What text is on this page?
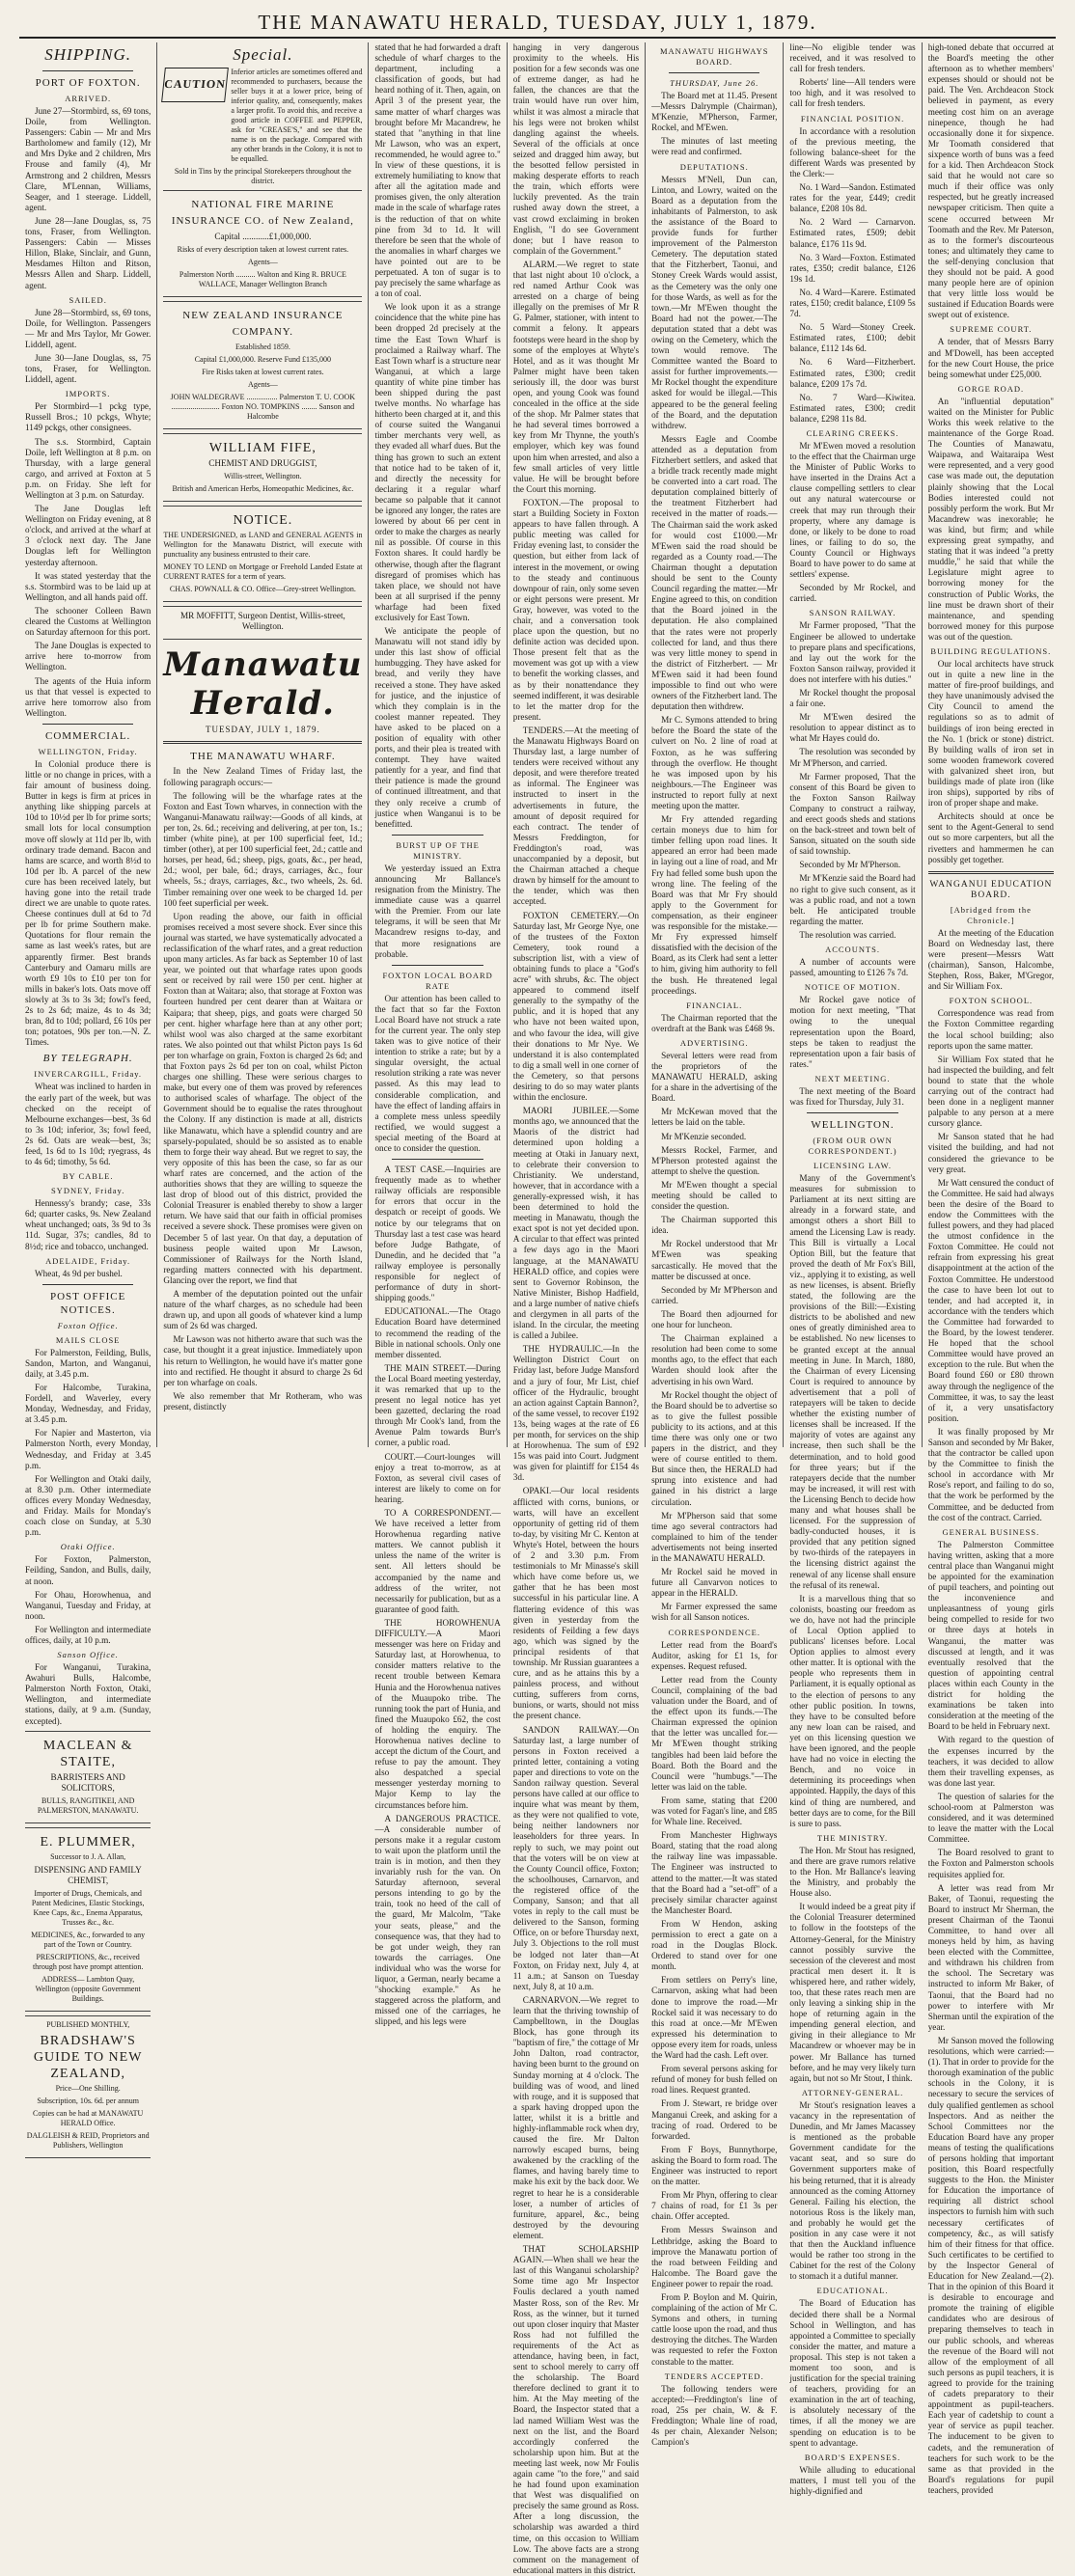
THE MANAWATU HERALD, TUESDAY, JULY 1, 1879.
SHIPPING.
PORT OF FOXTON.
ARRIVED.

June 27—Stormbird, ss, 69 tons, Doile, from Wellington. Passengers: Cabin — Mr and Mrs Bartholomew and family (12), Mr and Mrs Dyke and 2 children, Mrs Frouse and family (4), Mr Armstrong and 2 children, Messrs Clare, M'Lennan, Williams, Seager, and 1 steerage. Liddell, agent.

June 28—Jane Douglas, ss, 75 tons, Fraser, from Wellington. Passengers: Cabin — Misses Hillon, Blake, Sinclair, and Gunn, Mesdames Hilton and Ritson, Messrs Allen and Sharp. Liddell, agent.

SAILED.

June 28—Stormbird, ss, 69 tons, Doile, for Wellington. Passengers — Mr and Mrs Taylor, Mr Gower. Liddell, agent.

June 30—Jane Douglas, ss, 75 tons, Fraser, for Wellington. Liddell, agent.

IMPORTS.

Per Stormbird—1 pckg type, Russell Bros.; 10 pckgs, Whyte; 1149 pckgs, other consignees.

The s.s. Stormbird, Captain Doile, left Wellington at 8 p.m. on Thursday, with a large general cargo, and arrived at Foxton at 5 p.m. on Friday. She left for Wellington at 3 p.m. on Saturday.

The Jane Douglas left Wellington on Friday evening, at 8 o'clock, and arrived at the wharf at 3 o'clock next day. The Jane Douglas left for Wellington yesterday afternoon.

It was stated yesterday that the s.s. Stormbird was to be laid up at Wellington, and all hands paid off.

The schooner Colleen Bawn cleared the Customs at Wellington on Saturday afternoon for this port.

The Jane Douglas is expected to arrive here to-morrow from Wellington.

The agents of the Huia inform us that that vessel is expected to arrive here tomorrow also from Wellington.

COMMERCIAL.
WELLINGTON, Friday.

In Colonial produce there is little or no change in prices, with a fair amount of business doing. Butter in kegs is firm at prices in anything like shipping parcels at 10d to 10½d per lb for prime sorts; small lots for local consumption move off slowly at 11d per lb, with ordinary trade demand. Bacon and hams are scarce, and worth 8½d to 10d per lb. A parcel of the new cure has been received lately, but having gone into the retail trade direct we are unable to quote rates. Cheese continues dull at 6d to 7d per lb for prime Southern make. Quotations for flour remain the same as last week's rates, but are apparently firmer. Best brands Canterbury and Oamaru mills are worth £9 10s to £10 per ton for mills in baker's lots. Oats move off slowly at 3s to 3s 3d; fowl's feed, 2s to 2s 6d; maize, 4s to 4s 3d; bran, 8d to 10d; pollard, £6 10s per ton; potatoes, 90s per ton.—N. Z. Times.

BY TELEGRAPH.
INVERCARGILL, Friday.

Wheat was inclined to harden in the early part of the week, but was checked on the receipt of Melbourne exchanges—best, 3s 6d to 3s 10d; inferior, 3s; fowl feed, 2s 6d. Oats are weak—best, 3s; feed, 1s 6d to 1s 10d; ryegrass, 4s to 4s 6d; timothy, 5s 6d.

BY CABLE.
SYDNEY, Friday.

Hennessy's brandy; case, 33s 6d; quarter casks, 9s. New Zealand wheat unchanged; oats, 3s 9d to 3s 11d. Sugar, 37s; candles, 8d to 8½d; rice and tobacco, unchanged.

ADELAIDE, Friday.

Wheat, 4s 9d per bushel.

POST OFFICE NOTICES.
Foxton Office.
MAILS CLOSE

For Palmerston, Feilding, Bulls, Sandon, Marton, and Wanganui, daily, at 3.45 p.m.

For Halcombe, Turakina, Fordell, and Waverley, every Monday, Wednesday, and Friday, at 3.45 p.m.

For Napier and Masterton, via Palmerston North, every Monday, Wednesday, and Friday at 3.45 p.m.

For Wellington and Otaki daily, at 8.30 p.m. Other intermediate offices every Monday Wednesday, and Friday. Mails for Monday's coach close on Sunday, at 5.30 p.m.

Otaki Office.

For Foxton, Palmerston, Feilding, Sandon, and Bulls, daily, at noon.

For Ohau, Horowhenua, and Wanganui, Tuesday and Friday, at noon.

For Wellington and intermediate offices, daily, at 10 p.m.

Sanson Office.

For Wanganui, Turakina, Awahuri Bulls, Halcombe, Palmerston North Foxton, Otaki, Wellington, and intermediate stations, daily, at 9 a.m. (Sunday, excepted).

MACLEAN & STAITE,

BARRISTERS AND SOLICITORS,

BULLS, RANGITIKEI, AND PALMERSTON, MANAWATU.

E. PLUMMER,

Successor to J. A. Allan,

DISPENSING AND FAMILY CHEMIST,

Importer of Drugs, Chemicals, and Patent Medicines, Elastic Stockings, Knee Caps, &c., Enema Apparatus, Trusses &c., &c.

MEDICINES, &c., forwarded to any part of the Town or Country.

PRESCRIPTIONS, &c., received through post have prompt attention.

ADDRESS— Lambton Quay, Wellington (opposite Government Buildings.

PUBLISHED MONTHLY,

BRADSHAW'S GUIDE TO NEW ZEALAND,

Price—One Shilling.

Subscription, 10s. 6d. per annum

Copies can be had at MANAWATU HERALD Office.

DALGLEISH & REID, Proprietors and Publishers, Wellington

Special.
CAUTION

Inferior articles are sometimes offered and recommended to purchasers, because the seller buys it at a lower price, being of inferior quality, and, consequently, makes a larger profit. To avoid this, and receive a good article in COFFEE and PEPPER, ask for "CREASE'S," and see that the name is on the package. Compared with any other brands in the Colony, it is not to be equalled.

Sold in Tins by the principal Storekeepers throughout the district.

NATIONAL FIRE MARINE INSURANCE CO. of New Zealand,

Capital ............£1,000,000.

Risks of every description taken at lowest current rates.

Agents—

Palmerston North .......... Walton and King R. BRUCE WALLACE, Manager Wellington Branch

NEW ZEALAND INSURANCE COMPANY.

Established 1859.

Capital £1,000,000. Reserve Fund £135,000

Fire Risks taken at lowest current rates.

Agents—

JOHN WALDEGRAVE ................ Palmerston T. U. COOK ......................... Foxton NO. TOMPKINS ........ Sanson and Halcombe

WILLIAM FIFE,

CHEMIST AND DRUGGIST,

Willis-street, Wellington.

British and American Herbs, Homeopathic Medicines, &c.

NOTICE.

THE UNDERSIGNED, as LAND and GENERAL AGENTS in Wellington for the Manawatu District, will execute with punctuality any business entrusted to their care.

MONEY TO LEND on Mortgage or Freehold Landed Estate at CURRENT RATES for a term of years.

CHAS. POWNALL & CO. Office—Grey-street Wellington.

MR MOFFITT, Surgeon Dentist, Willis-street, Wellington.

Manawatu Herald.
TUESDAY, JULY 1, 1879.
THE MANAWATU WHARF.

In the New Zealand Times of Friday last, the following paragraph occurs:—

The following will be the wharfage rates at the Foxton and East Town wharves, in connection with the Wanganui-Manawatu railway:—Goods of all kinds, at per ton, 2s. 6d.; receiving and delivering, at per ton, 1s.; timber (white pine), at per 100 superficial feet, 1d.; timber (other), at per 100 superficial feet, 2d.; cattle and horses, per head, 6d.; sheep, pigs, goats, &c., per head, 2d.; wool, per bale, 6d.; drays, carriages, &c., four wheels, 5s.; drays, carriages, &c., two wheels, 2s. 6d. Timber remaining over one week to be charged 1d. per 100 feet superficial per week.

Upon reading the above, our faith in official promises received a most severe shock. Ever since this journal was started, we have systematically advocated a reclassification of the wharf rates, and a great reduction upon many articles. As far back as September 10 of last year, we pointed out that wharfage rates upon goods sent or received by rail were 150 per cent. higher at Foxton than at Waitara; also, that storage at Foxton was fourteen hundred per cent dearer than at Waitara or Kaipara; that sheep, pigs, and goats were charged 50 per cent. higher wharfage here than at any other port; whilst wool was also charged at the same exorbitant rates. We also pointed out that whilst Picton pays 1s 6d per ton wharfage on grain, Foxton is charged 2s 6d; and that Foxton pays 2s 6d per ton on coal, whilst Picton charges one shilling. These were serious charges to make, but every one of them was proved by references to authorised scales of wharfage. The object of the Government should be to equalise the rates throughout the Colony. If any distinction is made at all, districts like Manawatu, which have a splendid country and are sparsely-populated, should be so assisted as to enable them to forge their way ahead. But we regret to say, the very opposite of this has been the case, so far as our wharf rates are concerned, and the action of the authorities shows that they are willing to squeeze the last drop of blood out of this district, provided the Colonial Treasurer is enabled thereby to show a larger return. We have said that our faith in official promises received a severe shock. These promises were given on December 5 of last year. On that day, a deputation of business people waited upon Mr Lawson, Commissioner of Railways for the North Island, regarding matters connected with his department. Glancing over the report, we find that

A member of the deputation pointed out the unfair nature of the wharf charges, as no schedule had been drawn up, and upon all goods of whatever kind a lump sum of 2s 6d was charged.

Mr Lawson was not hitherto aware that such was the case, but thought it a great injustice. Immediately upon his return to Wellington, he would have it's matter gone into and rectified. He thought it absurd to charge 2s 6d per ton wharfage on coals.

We also remember that Mr Rotheram, who was present, distinctly

stated that he had forwarded a draft schedule of wharf charges to the department, including a classification of goods, but had heard nothing of it. Then, again, on April 3 of the present year, the same matter of wharf charges was brought before Mr Macandrew, he stated that "anything in that line Mr Lawson, who was an expert, recommended, he would agree to." In view of these questions, it is extremely humiliating to know that after all the agitation made and promises given, the only alteration made in the scale of wharfage rates is the reduction of that on white pine from 3d to 1d. It will therefore be seen that the whole of the anomalies in wharf charges we have pointed out are to be perpetuated. A ton of sugar is to pay precisely the same wharfage as a ton of coal.

We look upon it as a strange coincidence that the white pine has been dropped 2d precisely at the time the East Town Wharf is proclaimed a Railway wharf. The East Town wharf is a structure near Wanganui, at which a large quantity of white pine timber has been shipped during the past twelve months. No wharfage has hitherto been charged at it, and this of course suited the Wanganui timber merchants very well, as they evaded all wharf dues. But the thing has grown to such an extent that notice had to be taken of it, and directly the necessity for declaring it a regular wharf became so palpable that it cannot be ignored any longer, the rates are lowered by about 66 per cent in order to make the charges as nearly nil as possible. Of course in this Foxton shares. It could hardly be otherwise, though after the flagrant disregard of promises which has taken place, we should not have been at all surprised if the penny wharfage had been fixed exclusively for East Town.

We anticipate the people of Manawatu will not stand idly by under this last show of official humbugging. They have asked for bread, and verily they have received a stone. They have asked for justice, and the injustice of which they complain is in the coolest manner repeated. They have asked to be placed on a position of equality with other ports, and their plea is treated with contempt. They have waited patiently for a year, and find that their patience is made the ground of continued illtreatment, and that they only receive a crumb of justice when Wanganui is to be benefitted.

BURST UP OF THE MINISTRY.

We yesterday issued an Extra announcing Mr Ballance's resignation from the Ministry. The immediate cause was a quarrel with the Premier. From our late telegrams, it will be seen that Mr Macandrew resigns to-day, and that more resignations are probable.

FOXTON LOCAL BOARD RATE

Our attention has been called to the fact that so far the Foxton Local Board have not struck a rate for the current year. The only step taken was to give notice of their intention to strike a rate; but by a singular oversight, the actual resolution striking a rate was never passed. As this may lead to considerable complication, and have the effect of landing affairs in a complete mess unless speedily rectified, we would suggest a special meeting of the Board at once to consider the question.

A TEST CASE.—Inquiries are frequently made as to whether railway officials are responsible for errors that occur in the despatch or receipt of goods. We notice by our telegrams that on Thursday last a test case was heard before Judge Bathgate, of Dunedin, and he decided that "a railway employee is personally responsible for neglect of performance of duty in short-shipping goods."

EDUCATIONAL.—The Otago Education Board have determined to recommend the reading of the Bible in national schools. Only one member dissented.

THE MAIN STREET.—During the Local Board meeting yesterday, it was remarked that up to the present no legal notice has yet been gazetted, declaring the road through Mr Cook's land, from the Avenue Palm towards Burr's corner, a public road.

COURT.—Court-lounges will enjoy a treat to-morrow, as at Foxton, as several civil cases of interest are likely to come on for hearing.

TO A CORRESPONDENT.—We have received a letter from Horowhenua regarding native matters. We cannot publish it unless the name of the writer is sent. All letters should be accompanied by the name and address of the writer, not necessarily for publication, but as a guarantee of good faith.

THE HOROWHENUA DIFFICULTY.—A Maori messenger was here on Friday and Saturday last, at Horowhenua, to consider matters relative to the recent trouble between Kemara Hunia and the Horowhenua natives of the Muaupoko tribe. The running took the part of Hunia, and fined the Muaupoko £62, the cost of holding the enquiry. The Horowhenua natives decline to accept the dictum of the Court, and refuse to pay the amount. They also despatched a special messenger yesterday morning to Major Kemp to lay the circumstances before him.

A DANGEROUS PRACTICE.—A considerable number of persons make it a regular custom to wait upon the platform until the train is in motion, and then they invariably rush for the van. On Saturday afternoon, several persons intending to go by the train, took no heed of the call of the guard, Mr Malcolm, "Take your seats, please," and the consequence was, that they had to be got under weigh, they ran towards the carriages. One individual who was the worse for liquor, a German, nearly became a "shocking example." As he staggered across the platform, and missed one of the carriages, he slipped, and his legs were

hanging in very dangerous proximity to the wheels. His position for a few seconds was one of extreme danger, as had he fallen, the chances are that the train would have run over him, whilst it was almost a miracle that his legs were not broken whilst dangling against the wheels. Several of the officials at once seized and dragged him away, but the besotted fellow persisted in making desperate efforts to reach the train, which efforts were luckily prevented. As the train rushed away down the street, a vast crowd exclaiming in broken English, "I do see Government done; but I have reason to complain of the Government."

ALARM.—We regret to state that last night about 10 o'clock, a red named Arthur Cook was arrested on a charge of being illegally on the premises of Mr R G. Palmer, stationer, with intent to commit a felony. It appears footsteps were heard in the shop by some of the employes at Whyte's Hotel, and as it was thought Mr Palmer might have been taken seriously ill, the door was burst open, and young Cook was found concealed in the office at the side of the shop. Mr Palmer states that he had several times borrowed a key from Mr Thynne, the youth's employer, which key was found upon him when arrested, and also a few small articles of very little value. He will be brought before the Court this morning.

FOXTON.—The proposal to start a Building Society in Foxton appears to have fallen through. A public meeting was called for Friday evening last, to consider the question, but either from lack of interest in the movement, or owing to the steady and continuous downpour of rain, only some seven or eight persons were present. Mr Gray, however, was voted to the chair, and a conversation took place upon the question, but no definite action was decided upon. Those present felt that as the movement was got up with a view to benefit the working classes, and as by their nonattendance they seemed indifferent, it was desirable to let the matter drop for the present.

TENDERS.—At the meeting of the Manawatu Highways Board on Thursday last, a large number of tenders were received without any deposit, and were therefore treated as informal. The Engineer was instructed to insert in the advertisements in future, the amount of deposit required for each contract. The tender of Messrs Freddington, for Freddington's road, was unaccompanied by a deposit, but the Chairman attached a cheque drawn by himself for the amount to the tender, which was then accepted.

FOXTON CEMETERY.—On Saturday last, Mr George Nye, one of the trustees of the Foxton Cemetery, took round a subscription list, with a view of obtaining funds to place a "God's acre" with shrubs, &c. The object appeared to commend itself generally to the sympathy of the public, and it is hoped that any who have not been waited upon, and who favour the idea, will give their donations to Mr Nye. We understand it is also contemplated to dig a small well in one corner of the Cemetery, so that persons desiring to do so may water plants within the enclosure.

MAORI JUBILEE.—Some months ago, we announced that the Maoris of the district had determined upon holding a meeting at Otaki in January next, to celebrate their conversion to Christianity. We understand, however, that in accordance with a generally-expressed wish, it has been determined to hold the meeting in Manawatu, though the exact spot is not yet decided upon. A circular to that effect was printed a few days ago in the Maori language, at the MANAWATU HERALD office, and copies were sent to Governor Robinson, the Native Minister, Bishop Hadfield, and a large number of native chiefs and clergymen in all parts of the island. In the circular, the meeting is called a Jubilee.

THE HYDRAULIC.—In the Wellington District Court on Friday last, before Judge Mansford and a jury of four, Mr List, chief officer of the Hydraulic, brought an action against Captain Bannon?, of the same vessel, to recover £192 13s, being wages at the rate of £6 per month, for services on the ship at Horowhenua. The sum of £92 15s was paid into Court. Judgment was given for plaintiff for £154 4s 3d.

OPAKI.—Our local residents afflicted with corns, bunions, or warts, will have an excellent opportunity of getting rid of them to-day, by visiting Mr C. Kenton at Whyte's Hotel, between the hours of 2 and 3.30 p.m. From testimonials to Mr Minasse's skill which have come before us, we gather that he has been most successful in his particular line. A flattering evidence of this was given in yesterday from the residents of Feilding a few days ago, which was signed by the principal residents of that township. Mr Russian guarantees a cure, and as he attains this by a painless process, and without cutting, sufferers from corns, bunions, or warts, should not miss the present chance.

SANDON RAILWAY.—On Saturday last, a large number of persons in Foxton received a printed letter, containing a voting paper and directions to vote on the Sandon railway question. Several persons have called at our office to inquire what was meant by them, as they were not qualified to vote, being neither landowners nor leaseholders for three years. In reply to such, we may point out that the voters will be on view at the County Council office, Foxton; the schoolhouses, Carnarvon, and the registered office of the Company, Sanson; and that all votes in reply to the call must be delivered to the Sanson, forming Office, on or before Thursday next, July 3. Objections to the roll must be lodged not later than—At Foxton, on Friday next, July 4, at 11 a.m.; at Sanson on Tuesday next, July 8, at 10 a.m.

CARNARVON.—We regret to learn that the thriving township of Campbelltown, in the Douglas Block, has gone through its "baptism of fire," the cottage of Mr John Dalton, road contractor, having been burnt to the ground on Sunday morning at 4 o'clock. The building was of wood, and lined with rouge, and it is supposed that a spark having dropped upon the latter, whilst it is a brittle and highly-inflammable rock when dry, caused the fire. Mr Dalton narrowly escaped burns, being awakened by the crackling of the flames, and having barely time to make his exit by the back door. We regret to hear he is a considerable loser, a number of articles of furniture, apparel, &c., being destroyed by the devouring element.

THAT SCHOLARSHIP AGAIN.—When shall we hear the last of this Wanganui scholarship? Some time ago Mr Inspector Foulis declared a youth named Master Ross, son of the Rev. Mr Ross, as the winner, but it turned out upon closer inquiry that Master Ross had not fulfilled the requirements of the Act as attendance, having been, in fact, sent to school merely to carry off the scholarship. The Board therefore declined to grant it to him. At the May meeting of the Board, the Inspector stated that a lad named William West was the next on the list, and the Board accordingly conferred the scholarship upon him. But at the meeting last week, now Mr Foulis again came "to the fore," and said he had found upon examination that West was disqualified on precisely the same ground as Ross. After a long discussion, the scholarship was awarded a third time, on this occasion to William Low. The above facts are a strong comment on the management of educational matters in this district.

MANAWATU HIGHWAYS BOARD.
THURSDAY, June 26.

The Board met at 11.45. Present—Messrs Dalrymple (Chairman), M'Kenzie, M'Pherson, Farmer, Rockel, and M'Ewen.

The minutes of last meeting were read and confirmed.

DEPUTATIONS.

Messrs M'Nell, Dun can, Linton, and Lowry, waited on the Board as a deputation from the inhabitants of Palmerston, to ask the assistance of the Board to provide funds for further improvement of the Palmerston Cemetery. The deputation stated that the Fitzherbert, Taonui, and Stoney Creek Wards would assist, as the Cemetery was the only one for those Wards, as well as for the town.—Mr M'Ewen thought the Board had not the power.—The deputation stated that a debt was owing on the Cemetery, which the town would remove. The Committee wanted the Board to assist for further improvements.—Mr Rockel thought the expenditure asked for would be illegal.—This appeared to be the general feeling of the Board, and the deputation withdrew.

Messrs Eagle and Coombe attended as a deputation from Fitzherbert settlers, and asked that a bridle track recently made might be converted into a cart road. The deputation complained bitterly of the treatment Fitzherbert had received in the matter of roads.—The Chairman said the work asked for would cost £1000.—Mr M'Ewen said the road should be regarded as a County road.—The Chairman thought a deputation should be sent to the County Council regarding the matter.—Mr Engine agreed to this, on condition that the Board joined in the deputation. He also complained that the rates were not properly collected for land, and thus there was very little money to spend in the district of Fitzherbert. — Mr M'Ewen said it had been found impossible to find out who were owners of the Fitzherbert land. The deputation then withdrew.

Mr C. Symons attended to bring before the Board the state of the culvert on No. 2 line of road at Foxton, as he was suffering through the overflow. He thought he was imposed upon by his neighbours.—The Engineer was instructed to report fully at next meeting upon the matter.

Mr Fry attended regarding certain moneys due to him for timber felling upon road lines. It appeared an error had been made in laying out a line of road, and Mr Fry had felled some bush upon the wrong line. The feeling of the Board was that Mr Fry should apply to the Government for compensation, as their engineer was responsible for the mistake.—Mr Fry expressed himself dissatisfied with the decision of the Board, as its Clerk had sent a letter to him, giving him authority to fell the bush. He threatened legal proceedings.

FINANCIAL.

The Chairman reported that the overdraft at the Bank was £468 9s.

ADVERTISING.

Several letters were read from the proprietors of the MANAWATU HERALD, asking for a share in the advertising of the Board.

Mr McKewan moved that the letters be laid on the table.

Mr M'Kenzie seconded.

Messrs Rockel, Farmer, and M'Pherson protested against the attempt to shelve the question.

Mr M'Ewen thought a special meeting should be called to consider the question.

The Chairman supported this idea.

Mr Rockel understood that Mr M'Ewen was speaking sarcastically. He moved that the matter be discussed at once.

Seconded by Mr M'Pherson and carried.

The Board then adjourned for one hour for luncheon.

The Chairman explained a resolution had been come to some months ago, to the effect that each Warden should look after the advertising in his own Ward.

Mr Rockel thought the object of the Board should be to advertise so as to give the fullest possible publicity to its actions, and at this time there was only one or two papers in the district, and they were of course entitled to them. But since then, the HERALD had sprung into existence and had gained in his district a large circulation.

Mr M'Pherson said that some time ago several contractors had complained to him of the tender advertisements not being inserted in the MANAWATU HERALD.

Mr Rockel said he moved in future all Canvarvon notices to appear in the HERALD.

Mr Farmer expressed the same wish for all Sanson notices.

CORRESPONDENCE.

Letter read from the Board's Auditor, asking for £1 1s, for expenses. Request refused.

Letter read from the County Council, complaining of the bad valuation under the Board, and of the effect upon its funds.—The Chairman expressed the opinion that the letter was uncalled for.—Mr M'Ewen thought striking tangibles had been laid before the Board. Both the Board and the Council were "humbugs."—The letter was laid on the table.

From same, stating that £200 was voted for Fagan's line, and £85 for Whale line. Received.

From Manchester Highways Board, stating that the road along the railway line was impassable. The Engineer was instructed to attend to the matter.—It was stated that the Board had a "set-off" of a precisely similar character against the Manchester Board.

From W Hendon, asking permission to erect a gate on a road in the Douglas Block. Ordered to stand over for one month.

From settlers on Perry's line, Carnarvon, asking what had been done to improve the road.—Mr Rockel said it was necessary to do this road at once.—Mr M'Ewen expressed his determination to oppose every item for roads, unless the Ward had the cash. Left over.

From several persons asking for refund of money for bush felled on road lines. Request granted.

From J. Stewart, re bridge over Manganui Creek, and asking for a tracing of road. Ordered to be forwarded.

From F Boys, Bunnythorpe, asking the Board to form road. The Engineer was instructed to report on the matter.

From Mr Phyn, offering to clear 7 chains of road, for £1 3s per chain. Offer accepted.

From Messrs Swainson and Lethbridge, asking the Board to improve the Manawatu portion of the road between Feilding and Halcombe. The Board gave the Engineer power to repair the road.

From P. Boylon and M. Quirin, complaining of the action of Mr C. Symons and others, in turning cattle loose upon the road, and thus destroying the ditches. The Warden was requested to refer the Foxton constable to the matter.

TENDERS ACCEPTED.

The following tenders were accepted:—Freddington's line of road, 25s per chain, W. & F. Freddington; Whale line of road, 4s per chain, Alexander Nelson; Campion's

line—No eligible tender was received, and it was resolved to call for fresh tenders.

Roberts' line—All tenders were too high, and it was resolved to call for fresh tenders.

FINANCIAL POSITION.

In accordance with a resolution of the previous meeting, the following balance-sheet for the different Wards was presented by the Clerk:—

No. 1 Ward—Sandon. Estimated rates for the year, £449; credit balance, £208 10s 8d.

No. 2 Ward — Carnarvon. Estimated rates, £509; debit balance, £176 11s 9d.

No. 3 Ward—Foxton. Estimated rates, £350; credit balance, £126 19s 1d.

No. 4 Ward—Karere. Estimated rates, £150; credit balance, £109 5s 7d.

No. 5 Ward—Stoney Creek. Estimated rates, £100; debit balance, £112 14s 6d.

No. 6 Ward—Fitzherbert. Estimated rates, £300; credit balance, £209 17s 7d.

No. 7 Ward—Kiwitea. Estimated rates, £300; credit balance, £298 11s 8d.

CLEARING CREEKS.

Mr M'Ewen moved a resolution to the effect that the Chairman urge the Minister of Public Works to have inserted in the Drains Act a clause compelling settlers to clear out any natural watercourse or creek that may run through their property, where any damage is done, or likely to be done to road lines, or failing to do so, the County Council or Highways Board to have power to do same at settlers' expense.

Seconded by Mr Rockel, and carried.

SANSON RAILWAY.

Mr Farmer proposed, "That the Engineer be allowed to undertake to prepare plans and specifications, and lay out the work for the Foxton Sanson railway, provided it does not interfere with his duties."

Mr Rockel thought the proposal a fair one.

Mr M'Ewen desired the resolution to appear distinct as to what Mr Hayes could do.

The resolution was seconded by Mr M'Pherson, and carried.

Mr Farmer proposed, That the consent of this Board be given to the Foxton Sanson Railway Company to construct a railway, and erect goods sheds and stations on the back-street and town belt of Sanson, situated on the south side of said township.

Seconded by Mr M'Pherson.

Mr M'Kenzie said the Board had no right to give such consent, as it was a public road, and not a town belt. He anticipated trouble regarding the matter.

The resolution was carried.

ACCOUNTS.

A number of accounts were passed, amounting to £126 7s 7d.

NOTICE OF MOTION.

Mr Rockel gave notice of motion for next meeting, "That owing to the unequal representation upon the Board, steps be taken to readjust the representation upon a fair basis of rates."

NEXT MEETING.

The next meeting of the Board was fixed for Thursday, July 31.

WELLINGTON.
(FROM OUR OWN CORRESPONDENT.)
LICENSING LAW.

Many of the Government's measures for submission to Parliament at its next sitting are already in a forward state, and amongst others a short Bill to amend the Licensing Law is ready. This Bill is virtually a Local Option Bill, but the feature that proved the death of Mr Fox's Bill, viz., applying it to existing, as well as new licenses, is absent. Briefly stated, the following are the provisions of the Bill:—Existing districts to be abolished and new ones of greatly diminished area to be established. No new licenses to be granted except at the annual meeting in June. In March, 1880, the Chairman of every Licensing Court is required to announce by advertisement that a poll of ratepayers will be taken to decide whether the existing number of licenses shall be increased. If the majority of votes are against any increase, then such shall be the determination, and to hold good for three years; but if the ratepayers decide that the number may be increased, it will rest with the Licensing Bench to decide how many and what houses shall be licensed. For the suppression of badly-conducted houses, it is provided that any petition signed by two-thirds of the ratepayers in the licensing district against the renewal of any license shall ensure the refusal of its renewal.

It is a marvellous thing that so colonists, boasting our freedom as we do, have not had the principle of Local Option applied to publicans' licenses before. Local Option applies to almost every other matter. It is optional with the people who represents them in Parliament, it is equally optional as to the election of persons to any other public position. In towns, they have to be consulted before any new loan can be raised, and yet on this licensing question we have been ignored, and the people have had no voice in electing the Bench, and no voice in determining its proceedings when appointed. Happily, the days of this kind of thing are numbered, and better days are to come, for the Bill is sure to pass.

THE MINISTRY.

The Hon. Mr Stout has resigned, and there are grave rumors relative to the Hon. Mr Ballance's leaving the Ministry, and probably the House also.

It would indeed be a great pity if the Colonial Treasurer determined to follow in the footsteps of the Attorney-General, for the Ministry cannot possibly survive the secession of the cleverest and most practical men desert it. It is whispered here, and rather widely, too, that these rates reach men are only leaving a sinking ship in the hope of returning again in the impending general election, and giving in their allegiance to Mr Macandrew or whoever may be in power. Mr Ballance has turned before, and he may very likely turn again, but not so Mr Stout, I think.

ATTORNEY-GENERAL.

Mr Stout's resignation leaves a vacancy in the representation of Dunedin, and Mr James Macassey is mentioned as the probable Government candidate for the vacant seat, and so sure do Government supporters make of his being returned, that it is already announced as the coming Attorney General. Failing his election, the notorious Ross is the likely man, and probably he would get the position in any case were it not that then the Auckland influence would be rather too strong in the Cabinet for the rest of the Colony to stomach it a dutiful manner.

EDUCATIONAL.

The Board of Education has decided there shall be a Normal School in Wellington, and has appointed a Committee to specially consider the matter, and mature a proposal. This step is not taken a moment too soon, and is justification for the special training of teachers, providing for an examination in the art of teaching, is absolutely necessary of the times, if all the money we are spending on education is to be spent to advantage.

BOARD'S EXPENSES.

While alluding to educational matters, I must tell you of the highly-dignified and

high-toned debate that occurred at the Board's meeting the other afternoon as to whether members' expenses should or should not be paid. The Ven. Archdeacon Stock believed in payment, as every meeting cost him on an average ninepence, though he had occasionally done it for sixpence. Mr Toomath considered that sixpence worth of buns was a feed for a kid. Then Archdeacon Stock said that he would not care so much if their office was only respected, but he greatly increased newspaper criticism. Then quite a scene occurred between Mr Toomath and the Rev. Mr Paterson, as to the former's discourteous tones; and ultimately they came to the self-denying conclusion that they should not be paid. A good many people here are of opinion that very little loss would be sustained if Education Boards were swept out of existence.

SUPREME COURT.

A tender, that of Messrs Barry and M'Dowell, has been accepted for the new Court House, the price being somewhat under £25,000.

GORGE ROAD.

An "influential deputation" waited on the Minister for Public Works this week relative to the maintenance of the Gorge Road. The Counties of Manawatu, Waipawa, and Waitaraipa West were represented, and a very good case was made out, the deputation plainly showing that the Local Bodies interested could not possibly perform the work. But Mr Macandrew was inexorable; he was kind, but firm; and while expressing great sympathy, and stating that it was indeed "a pretty muddle," he said that while the Legislature might agree to borrowing money for the construction of Public Works, the line must be drawn short of their maintenance, and spending borrowed money for this purpose was out of the question.

BUILDING REGULATIONS.

Our local architects have struck out in quite a new line in the matter of fire-proof buildings, and they have unanimously advised the City Council to amend the regulations so as to admit of buildings of iron being erected in the No. 1 (brick or stone) district. By building walls of iron set in some wooden framework covered with galvanized sheet iron, but buildings made of plate iron (like iron ships), supported by ribs of iron of proper shape and make.

Architects should at once be sent to the Agent-General to send out so more carpenters, but all the rivetters and hammermen he can possibly get together.

WANGANUI EDUCATION BOARD.
[Abridged from the Chronicle.]

At the meeting of the Education Board on Wednesday last, there were present—Messrs Watt (chairman), Sanson, Halcombe, Stephen, Ross, Baker, M'Gregor, and Sir William Fox.

FOXTON SCHOOL.

Correspondence was read from the Foxton Committee regarding the local school building; also reports upon the same matter.

Sir William Fox stated that he had inspected the building, and felt bound to state that the whole carrying out of the contract had been done in a negligent manner palpable to any person at a mere cursory glance.

Mr Sanson stated that he had visited the building, and had not considered the grievance to be very great.

Mr Watt censured the conduct of the Committee. He said had always been the desire of the Board to endow the Committees with the fullest powers, and they had placed the utmost confidence in the Foxton Committee. He could not refrain from expressing his great disappointment at the action of the Foxton Committee. He understood the case to have been lot out to tender, and had accepted it, in accordance with the tenders which the Committee had forwarded to the Board, by the lowest tenderer. He hoped that the school Committee would have proved an exception to the rule. But when the Board found £60 or £80 thrown away through the negligence of the Committee, it was, to say the least of it, a very unsatisfactory position.

It was finally proposed by Mr Sanson and seconded by Mr Baker, that the contractor be called upon by the Committee to finish the school in accordance with Mr Rose's report, and failing to do so, that the work be performed by the Committee, and be deducted from the cost of the contract. Carried.

GENERAL BUSINESS.

The Palmerston Committee having written, asking that a more central place than Wanganui might be appointed for the examination of pupil teachers, and pointing out the inconvenience and unpleasantness of young girls being compelled to reside for two or three days at hotels in Wanganui, the matter was discussed at length, and it was eventually resolved that the question of appointing central places within each County in the district for holding the examinations be taken into consideration at the meeting of the Board to be held in February next.

With regard to the question of the expenses incurred by the teachers, it was decided to allow them their travelling expenses, as was done last year.

The question of salaries for the school-room at Palmerston was considered, and it was determined to leave the matter with the Local Committee.

The Board resolved to grant to the Foxton and Palmerston schools requisites applied for.

A letter was read from Mr Baker, of Taonui, requesting the Board to instruct Mr Sherman, the present Chairman of the Taonui Committee, to hand over all moneys held by him, as having been elected with the Committee, and withdrawn his children from the school. The Secretary was instructed to inform Mr Baker, of Taonui, that the Board had no power to interfere with Mr Sherman until the expiration of the year.

Mr Sanson moved the following resolutions, which were carried:—(1). That in order to provide for the thorough examination of the public schools in the Colony, it is necessary to secure the services of duly qualified gentlemen as school Inspectors. And as neither the School Committees nor the Education Board have any proper means of testing the qualifications of persons holding that important position, this Board respectfully suggests to the Hon. the Minister for Education the importance of requiring all district school inspectors to furnish him with such necessary certificates of competency, &c., as will satisfy him of their fitness for that office. Such certificates to be certified to by the Inspector General of Education for New Zealand.—(2). That in the opinion of this Board it is desirable to encourage and promote the training of eligible candidates who are desirous of preparing themselves to teach in our public schools, and whereas the revenue of the Board will not allow of the employment of all such persons as pupil teachers, it is agreed to provide for the training of cadets preparatory to their appointment as pupil-teachers. Each year of cadetship to count a year of service as pupil teacher. The inducement to be given to cadets, and the remuneration of teachers for such work to be the same as that provided in the Board's regulations for pupil teachers, provided
